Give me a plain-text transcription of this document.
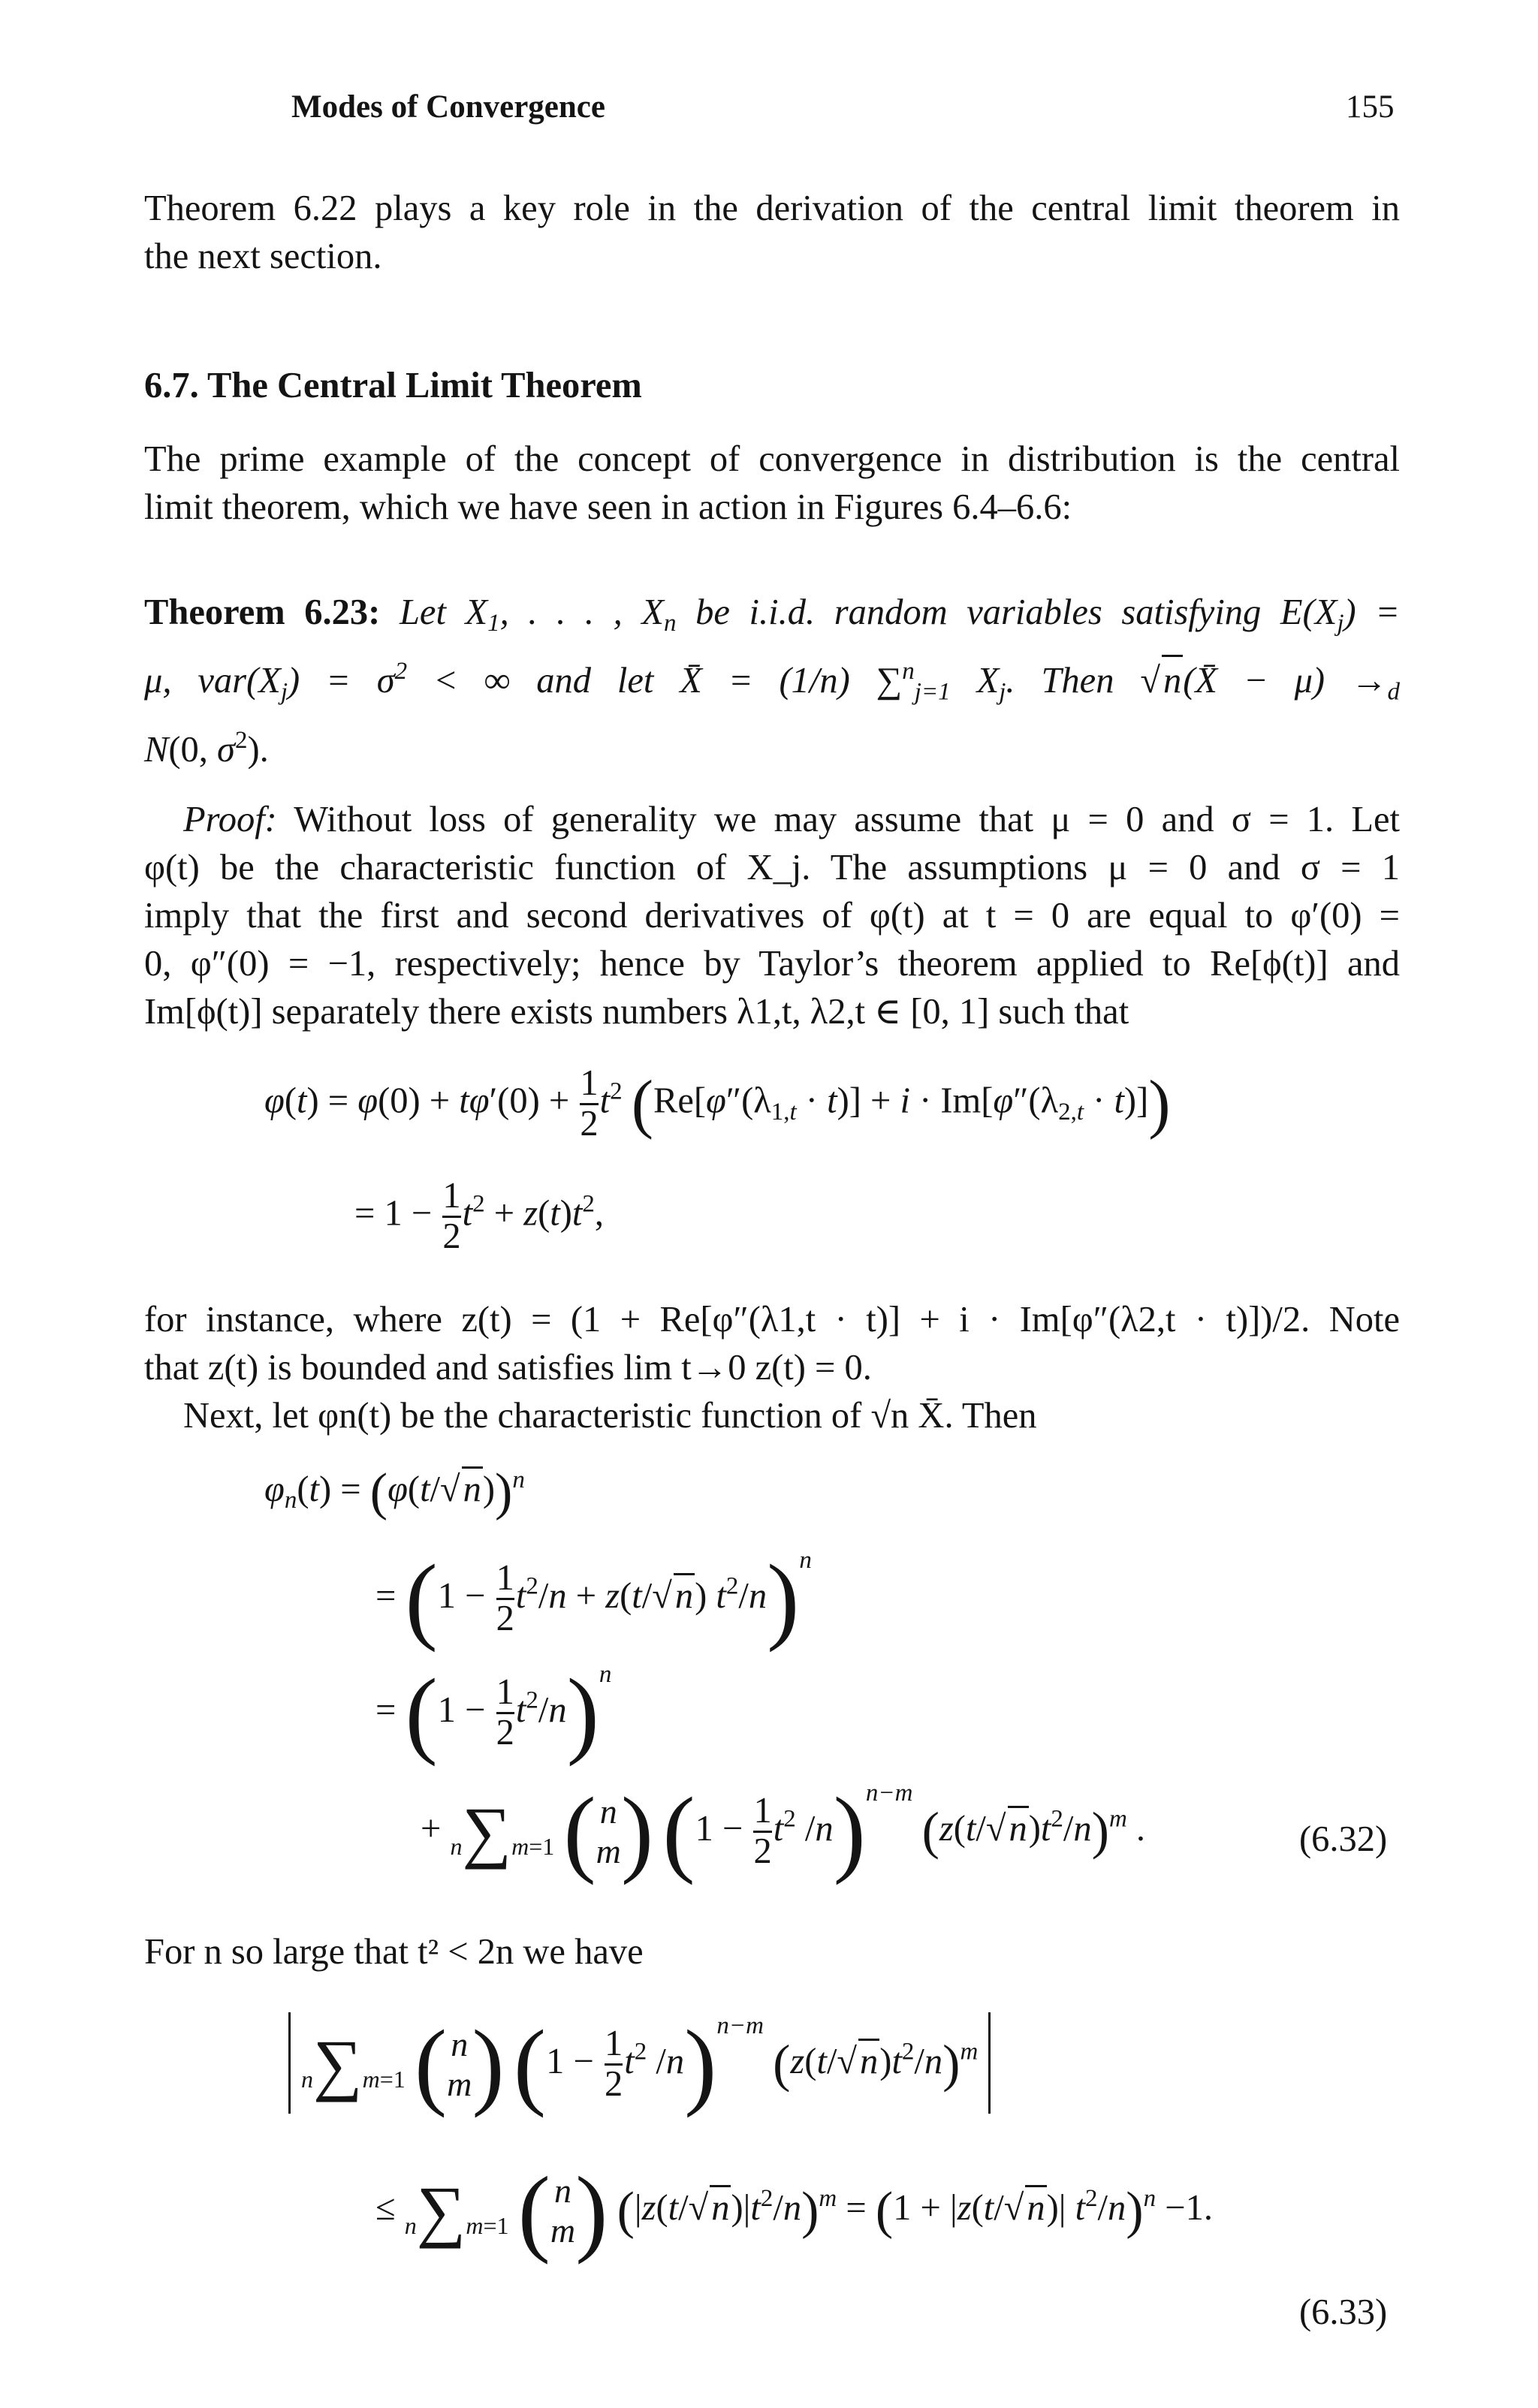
Modes of Convergence	155
Theorem 6.22 plays a key role in the derivation of the central limit theorem in
the next section.
6.7. The Central Limit Theorem
The prime example of the concept of convergence in distribution is the central
limit theorem, which we have seen in action in Figures 6.4–6.6:
Theorem 6.23: Let $X_1$, . . . , $X_n$ be i.i.d. random variables satisfying $E(X_j)$ =
μ, $var(X_j) = \sigma^2$ < ∞ and let X̄ = (1/n) ∑$^n_{j=1}$ $X_j$. Then √n(X̄ − $\mu) \to_d$
N(0, $\sigma^2$).
Proof: Without loss of generality we may assume that μ = 0 and σ = 1. Let
φ(t) be the characteristic function of X_j. The assumptions μ = 0 and σ = 1
imply that the first and second derivatives of φ(t) at t = 0 are equal to φ′(0) =
0, φ″(0) = −1, respectively; hence by Taylor’s theorem applied to Re[ϕ(t)] and
Im[ϕ(t)] separately there exists numbers λ1,t, λ2,t ∈ [0, 1] such that
$\varphi(t) = \varphi(0) + t\varphi'(0) + \frac{1}{2} t^2$ $(Re[\varphi''(\lambda_{1,t} \cdot t)] + i \cdot Im[\varphi''(\lambda_{2,t} \cdot t)])$
= $1 - \frac{1}{2} t^2 + z(t)t^2$,
for instance, where z(t) = (1 + Re[φ″(λ1,t · t)] + i · Im[φ″(λ2,t · t)])/2. Note
that z(t) is bounded and satisfies lim t→0 z(t) = 0.
Next, let φn(t) be the characteristic function of √n X̄. Then
$\varphi_n(t) = (\varphi(t/√n))^n$
= ($1 - \frac{1}{2} t^2/n + z(t/√n)$ $t^2/n)^n$
= $(1 - \frac{1}{2} t^2/n)^n$
+ n∑m=1 ( n
m ) ($1 - \frac{1}{2} t^2$ /n)$^{n-m}$ $(z(t/√n)t^2/n)^m$ .	(6.32)
For n so large that t² < 2n we have
n∑m=1 ( n
m ) ($1 - \frac{1}{2} t^2$ /n)$^{n-m}$ $(z(t/√n)t^2/n)^m$
≤ n∑m=1 ( n
m ) $(|z(t/√n)|t^2/n)^m = (1 + |z(t/√n)|$ $t^2/n)^n -1$.
(6.33)
